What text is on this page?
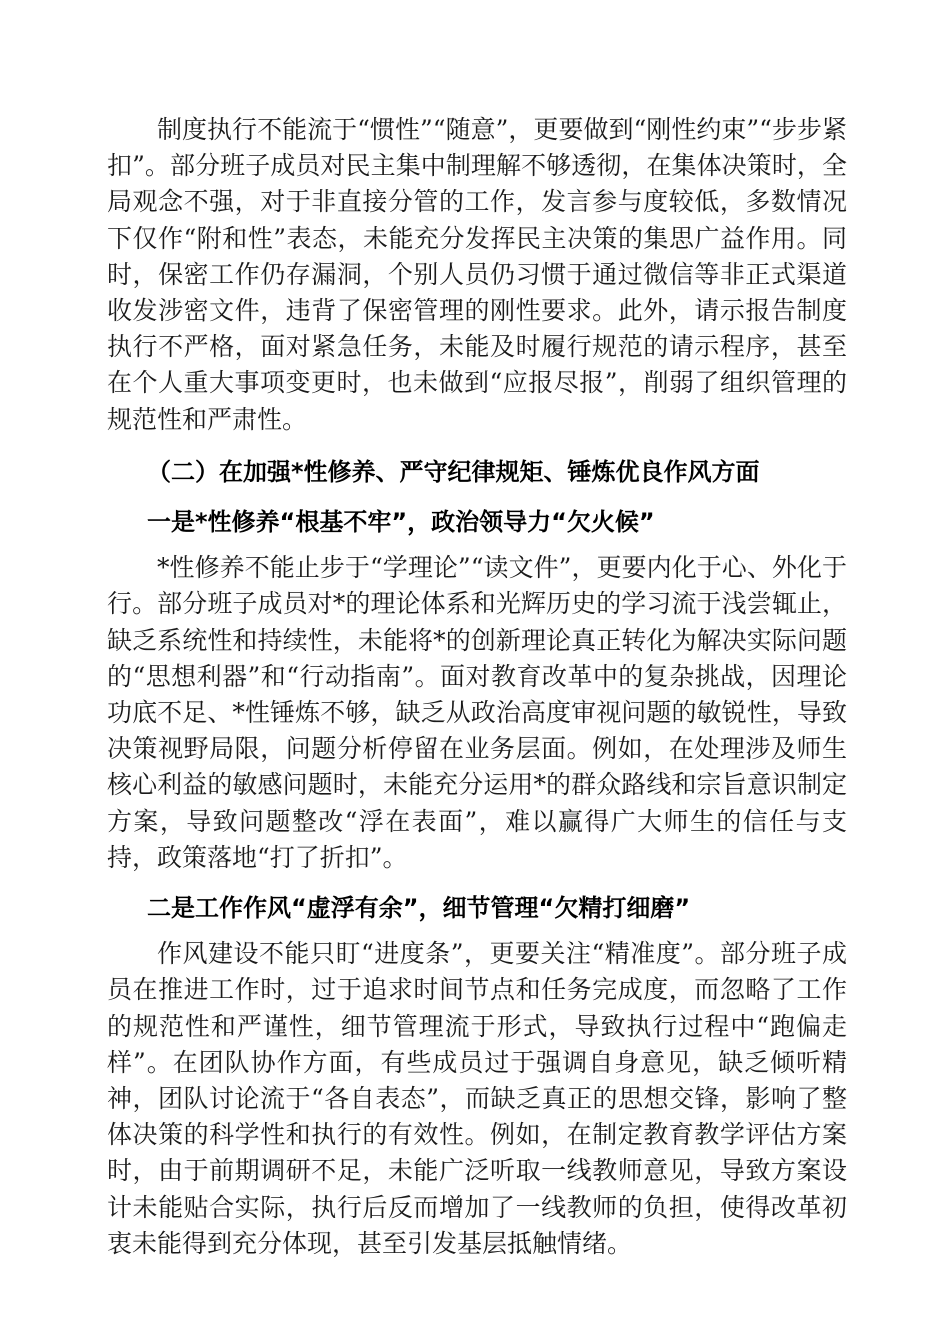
制度执行不能流于“惯性”“随意”，更要做到“刚性约束”“步步紧扣”。部分班子成员对民主集中制理解不够透彻，在集体决策时，全局观念不强，对于非直接分管的工作，发言参与度较低，多数情况下仅作“附和性”表态，未能充分发挥民主决策的集思广益作用。同时，保密工作仍存漏洞，个别人员仍习惯于通过微信等非正式渠道收发涉密文件，违背了保密管理的刚性要求。此外，请示报告制度执行不严格，面对紧急任务，未能及时履行规范的请示程序，甚至在个人重大事项变更时，也未做到“应报尽报”，削弱了组织管理的规范性和严肃性。

（二）在加强*性修养、严守纪律规矩、锤炼优良作风方面

一是*性修养“根基不牢”，政治领导力“欠火候”

*性修养不能止步于“学理论”“读文件”，更要内化于心、外化于行。部分班子成员对*的理论体系和光辉历史的学习流于浅尝辄止，缺乏系统性和持续性，未能将*的创新理论真正转化为解决实际问题的“思想利器”和“行动指南”。面对教育改革中的复杂挑战，因理论功底不足、*性锤炼不够，缺乏从政治高度审视问题的敏锐性，导致决策视野局限，问题分析停留在业务层面。例如，在处理涉及师生核心利益的敏感问题时，未能充分运用*的群众路线和宗旨意识制定方案，导致问题整改“浮在表面”，难以赢得广大师生的信任与支持，政策落地“打了折扣”。

二是工作作风“虚浮有余”，细节管理“欠精打细磨”

作风建设不能只盯“进度条”，更要关注“精准度”。部分班子成员在推进工作时，过于追求时间节点和任务完成度，而忽略了工作的规范性和严谨性，细节管理流于形式，导致执行过程中“跑偏走样”。在团队协作方面，有些成员过于强调自身意见，缺乏倾听精神，团队讨论流于“各自表态”，而缺乏真正的思想交锋，影响了整体决策的科学性和执行的有效性。例如，在制定教育教学评估方案时，由于前期调研不足，未能广泛听取一线教师意见，导致方案设计未能贴合实际，执行后反而增加了一线教师的负担，使得改革初衷未能得到充分体现，甚至引发基层抵触情绪。
